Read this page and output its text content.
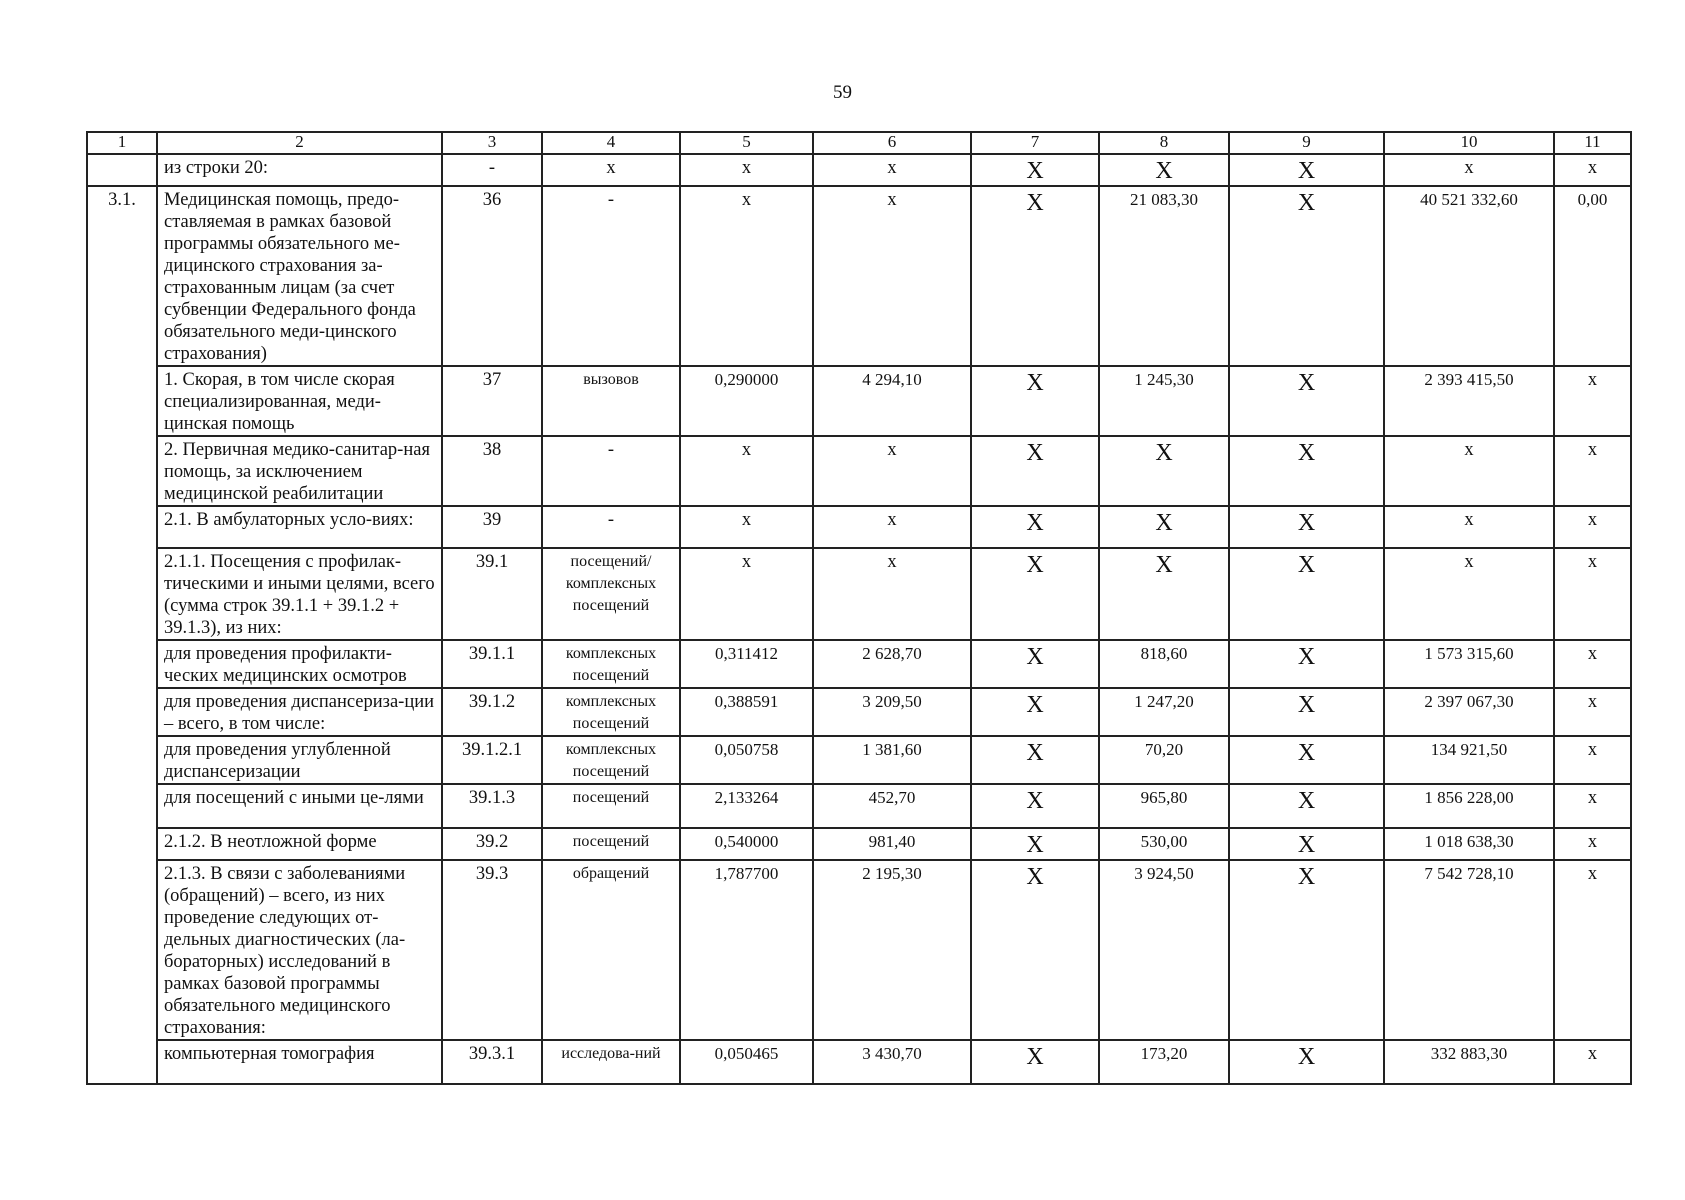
59
1	2	3	4	5	6	7	8	9	10	11
	из строки 20:	-	х	х	х	Х	Х	Х	х	х
3.1.	Медицинская помощь, предо-ставляемая в рамках базовой программы обязательного ме-дицинского страхования за-страхованным лицам (за счет субвенции Федерального фонда обязательного меди-цинского страхования)	36	-	х	х	Х	21 083,30	Х	40 521 332,60	0,00
	1. Скорая, в том числе скорая специализированная, меди-цинская помощь	37	вызовов	0,290000	4 294,10	Х	1 245,30	Х	2 393 415,50	х
	2. Первичная медико-санитар-ная помощь, за исключением медицинской реабилитации	38	-	х	х	Х	Х	Х	х	х
	2.1. В амбулаторных усло-виях:	39	-	х	х	Х	Х	Х	х	х
	2.1.1. Посещения с профилак-тическими и иными целями, всего (сумма строк 39.1.1 + 39.1.2 + 39.1.3), из них:	39.1	посещений/ комплексных посещений	х	х	Х	Х	Х	х	х
	для проведения профилакти-ческих медицинских осмотров	39.1.1	комплексных посещений	0,311412	2 628,70	Х	818,60	Х	1 573 315,60	х
	для проведения диспансериза-ции – всего, в том числе:	39.1.2	комплексных посещений	0,388591	3 209,50	Х	1 247,20	Х	2 397 067,30	х
	для проведения углубленной диспансеризации	39.1.2.1	комплексных посещений	0,050758	1 381,60	Х	70,20	Х	134 921,50	х
	для посещений с иными це-лями	39.1.3	посещений	2,133264	452,70	Х	965,80	Х	1 856 228,00	х
	2.1.2. В неотложной форме	39.2	посещений	0,540000	981,40	Х	530,00	Х	1 018 638,30	х
	2.1.3. В связи с заболеваниями (обращений) – всего, из них проведение следующих от-дельных диагностических (ла-бораторных) исследований в рамках базовой программы обязательного медицинского страхования:	39.3	обращений	1,787700	2 195,30	Х	3 924,50	Х	7 542 728,10	х
	компьютерная томография	39.3.1	исследова-ний	0,050465	3 430,70	Х	173,20	Х	332 883,30	х
